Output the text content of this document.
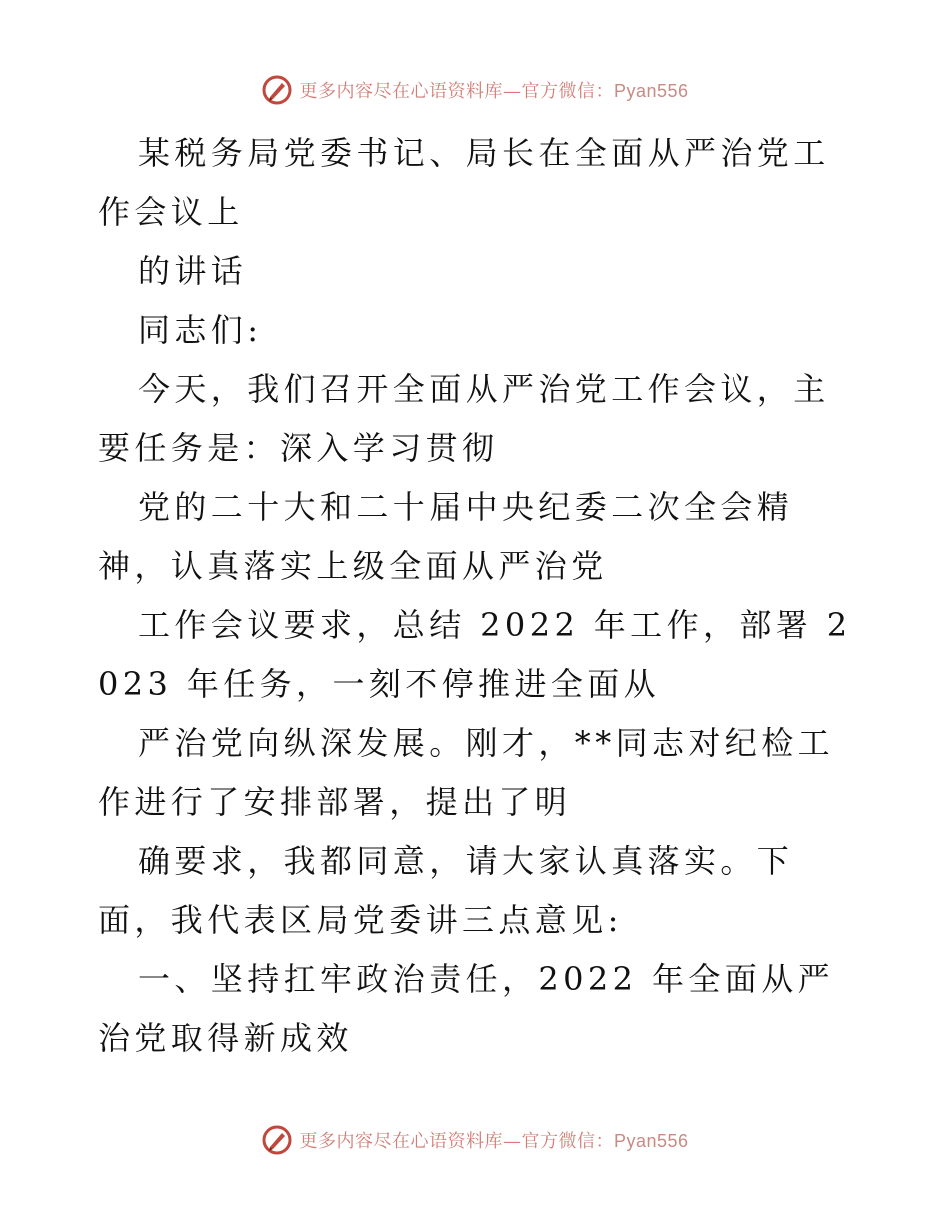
更多内容尽在心语资料库—官方微信：Pyan556

某税务局党委书记、局长在全面从严治党工作会议上

的讲话

同志们:

今天，我们召开全面从严治党工作会议，主要任务是：深入学习贯彻

党的二十大和二十届中央纪委二次全会精神，认真落实上级全面从严治党

工作会议要求，总结 2022 年工作，部署 2023 年任务，一刻不停推进全面从

严治党向纵深发展。刚才，**同志对纪检工作进行了安排部署，提出了明

确要求，我都同意，请大家认真落实。下面，我代表区局党委讲三点意见:

一、坚持扛牢政治责任，2022 年全面从严治党取得新成效

更多内容尽在心语资料库—官方微信：Pyan556
